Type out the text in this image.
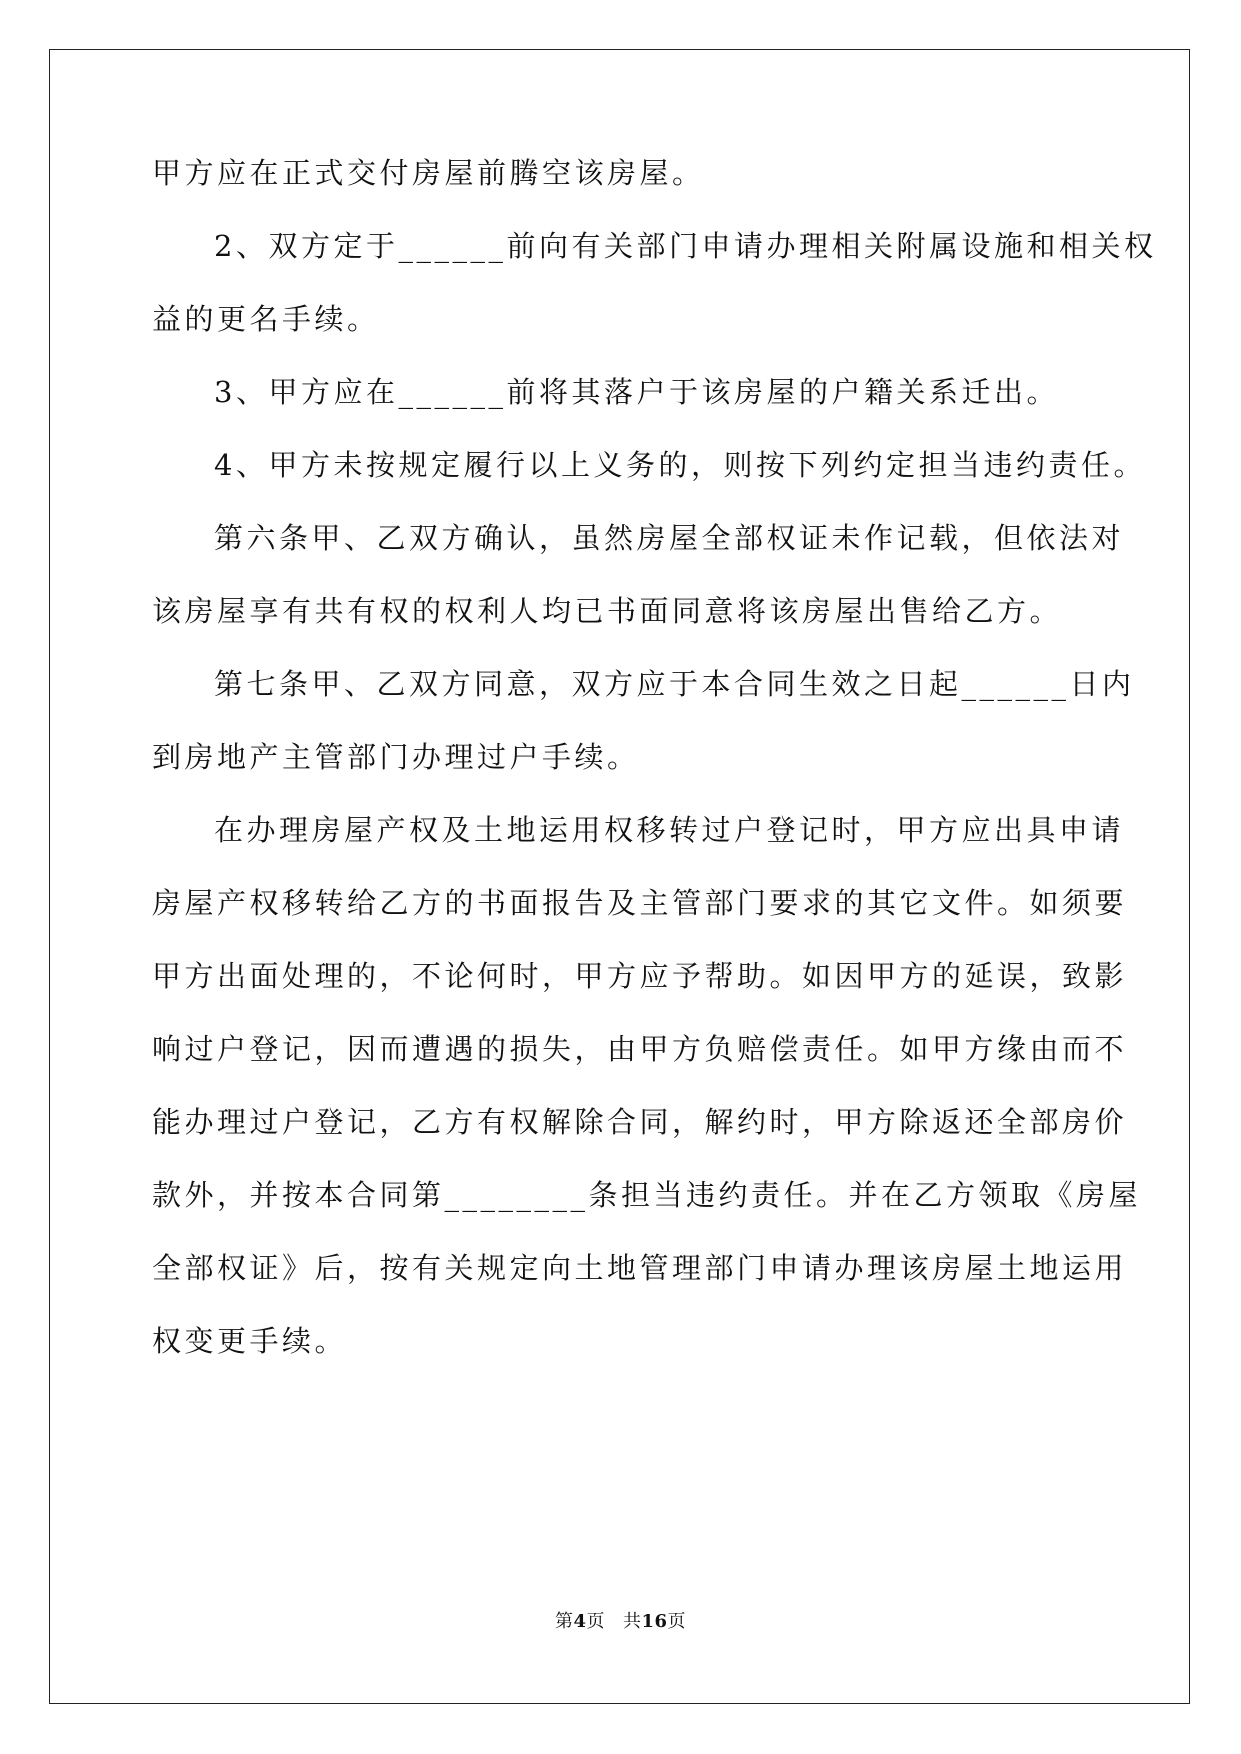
甲方应在正式交付房屋前腾空该房屋。
2、双方定于______前向有关部门申请办理相关附属设施和相关权
益的更名手续。
3、甲方应在______前将其落户于该房屋的户籍关系迁出。
4、甲方未按规定履行以上义务的，则按下列约定担当违约责任。
第六条甲、乙双方确认，虽然房屋全部权证未作记载，但依法对
该房屋享有共有权的权利人均已书面同意将该房屋出售给乙方。
第七条甲、乙双方同意，双方应于本合同生效之日起______日内
到房地产主管部门办理过户手续。
在办理房屋产权及土地运用权移转过户登记时，甲方应出具申请
房屋产权移转给乙方的书面报告及主管部门要求的其它文件。如须要
甲方出面处理的，不论何时，甲方应予帮助。如因甲方的延误，致影
响过户登记，因而遭遇的损失，由甲方负赔偿责任。如甲方缘由而不
能办理过户登记，乙方有权解除合同，解约时，甲方除返还全部房价
款外，并按本合同第________条担当违约责任。并在乙方领取《房屋
全部权证》后，按有关规定向土地管理部门申请办理该房屋土地运用
权变更手续。
第4页 共16页
